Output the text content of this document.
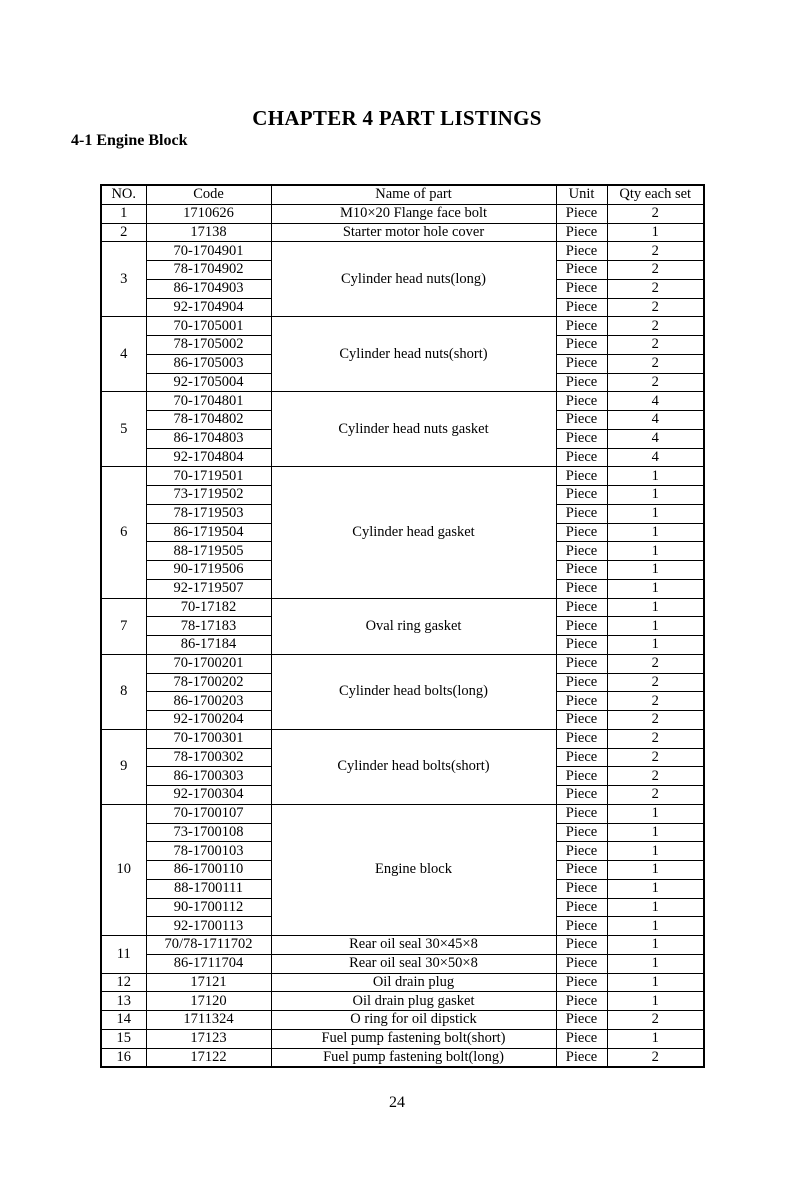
CHAPTER 4 PART LISTINGS
4-1 Engine Block
NO.	Code	Name of part	Unit	Qty each set
1	1710626	M10×20 Flange face bolt	Piece	2
2	17138	Starter motor hole cover	Piece	1
3	70-1704901	Cylinder head nuts(long)	Piece	2
	78-1704902		Piece	2
	86-1704903		Piece	2
	92-1704904		Piece	2
4	70-1705001	Cylinder head nuts(short)	Piece	2
	78-1705002		Piece	2
	86-1705003		Piece	2
	92-1705004		Piece	2
5	70-1704801	Cylinder head nuts gasket	Piece	4
	78-1704802		Piece	4
	86-1704803		Piece	4
	92-1704804		Piece	4
6	70-1719501	Cylinder head gasket	Piece	1
	73-1719502		Piece	1
	78-1719503		Piece	1
	86-1719504		Piece	1
	88-1719505		Piece	1
	90-1719506		Piece	1
	92-1719507		Piece	1
7	70-17182	Oval ring gasket	Piece	1
	78-17183		Piece	1
	86-17184		Piece	1
8	70-1700201	Cylinder head bolts(long)	Piece	2
	78-1700202		Piece	2
	86-1700203		Piece	2
	92-1700204		Piece	2
9	70-1700301	Cylinder head bolts(short)	Piece	2
	78-1700302		Piece	2
	86-1700303		Piece	2
	92-1700304		Piece	2
10	70-1700107	Engine block	Piece	1
	73-1700108		Piece	1
	78-1700103		Piece	1
	86-1700110		Piece	1
	88-1700111		Piece	1
	90-1700112		Piece	1
	92-1700113		Piece	1
11	70/78-1711702	Rear oil seal 30×45×8	Piece	1
	86-1711704	Rear oil seal 30×50×8	Piece	1
12	17121	Oil drain plug	Piece	1
13	17120	Oil drain plug gasket	Piece	1
14	1711324	O ring for oil dipstick	Piece	2
15	17123	Fuel pump fastening bolt(short)	Piece	1
16	17122	Fuel pump fastening bolt(long)	Piece	2
24
